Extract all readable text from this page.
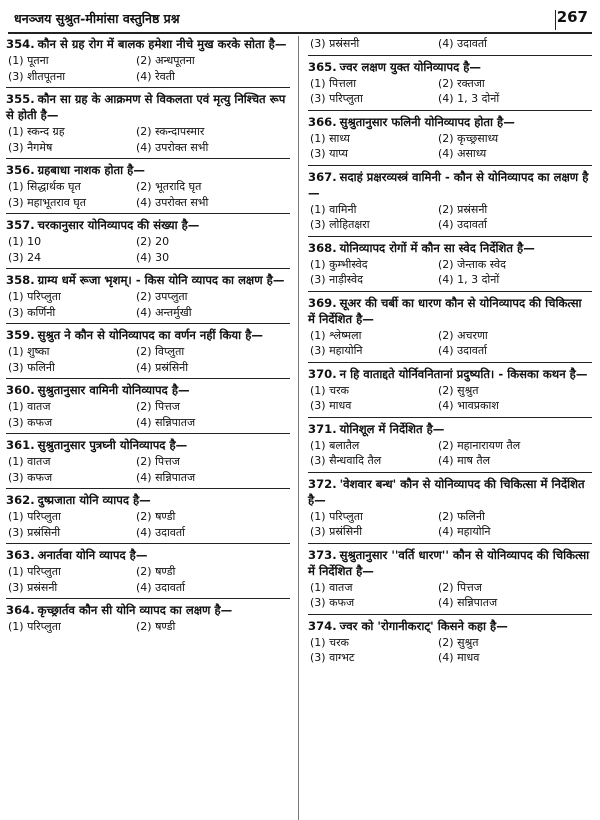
धनञ्जय सुश्रुत-मीमांसा वस्तुनिष्ठ प्रश्न	267
354. कौन से ग्रह रोग में बालक हमेशा नीचे मुख करके सोता है—
(1) पूतना	(2) अन्धपूतना
(3) शीतपूतना	(4) रेवती
355. कौन सा ग्रह के आक्रमण से विकलता एवं मृत्यु निश्चित रूप से होती है—
(1) स्कन्द ग्रह	(2) स्कन्दापस्मार
(3) नैगमेष	(4) उपरोक्त सभी
356. ग्रहबाधा नाशक होता है—
(1) सिद्धार्थक घृत	(2) भूतरादि घृत
(3) महाभूतराव घृत	(4) उपरोक्त सभी
357. चरकानुसार योनिव्यापद की संख्या है—
(1) 10	(2) 20
(3) 24	(4) 30
358. ग्राम्य धर्मे रूजा भृशम्। - किस योनि व्यापद का लक्षण है—
(1) परिप्लुता	(2) उपप्लुता
(3) कर्णिनी	(4) अन्तर्मुखी
359. सुश्रुत ने कौन से योनिव्यापद का वर्णन नहीं किया है—
(1) शुष्का	(2) विप्लुता
(3) फलिनी	(4) प्रस्रंसिनी
360. सुश्रुतानुसार वामिनी योनिव्यापद है—
(1) वातज	(2) पित्तज
(3) कफज	(4) सन्निपातज
361. सुश्रुतानुसार पुत्रघ्नी योनिव्यापद है—
(1) वातज	(2) पित्तज
(3) कफज	(4) सन्निपातज
362. दुष्प्रजाता योनि व्यापद है—
(1) परिप्लुता	(2) षण्डी
(3) प्रस्रंसिनी	(4) उदावर्ता
363. अनार्तवा योनि व्यापद है—
(1) परिप्लुता	(2) षण्डी
(3) प्रस्रंसनी	(4) उदावर्ता
364. कृच्छ्रार्तव कौन सी योनि व्यापद का लक्षण है—
(1) परिप्लुता	(2) षण्डी
(3) प्रस्रंसनी	(4) उदावर्ता
365. ज्वर लक्षण युक्त योनिव्यापद है—
(1) पित्तला	(2) रक्तजा
(3) परिप्लुता	(4) 1, 3 दोनों
366. सुश्रुतानुसार फलिनी योनिव्यापद होता है—
(1) साध्य	(2) कृच्छ्रसाध्य
(3) याप्य	(4) असाध्य
367. सदाहं प्रक्षरव्यस्त्रं वामिनी - कौन से योनिव्यापद का लक्षण है—
(1) वामिनी	(2) प्रस्रंसनी
(3) लोहितक्षरा	(4) उदावर्ता
368. योनिव्यापद रोगों में कौन सा स्वेद निर्देशित है—
(1) कुम्भीस्वेद	(2) जेन्ताक स्वेद
(3) नाड़ीस्वेद	(4) 1, 3 दोनों
369. सूअर की चर्बी का धारण कौन से योनिव्यापद की चिकित्सा में निर्देशित है—
(1) श्लेष्मला	(2) अचरणा
(3) महायोनि	(4) उदावर्ता
370. न हि वाताद्दते योर्निवनितानां प्रदुष्यति। - किसका कथन है—
(1) चरक	(2) सुश्रुत
(3) माधव	(4) भावप्रकाश
371. योनिशूल में निर्देशित है—
(1) बलातैल	(2) महानारायण तैल
(3) सैन्धवादि तैल	(4) माष तैल
372. 'वेशवार बन्ध' कौन से योनिव्यापद की चिकित्सा में निर्देशित है—
(1) परिप्लुता	(2) फलिनी
(3) प्रस्रंसिनी	(4) महायोनि
373. सुश्रुतानुसार ''वर्ति धारण'' कौन से योनिव्यापद की चिकित्सा में निर्देशित है—
(1) वातज	(2) पित्तज
(3) कफज	(4) सन्निपातज
374. ज्वर को 'रोगानीकराट्' किसने कहा है—
(1) चरक	(2) सुश्रुत
(3) वाग्भट	(4) माधव
